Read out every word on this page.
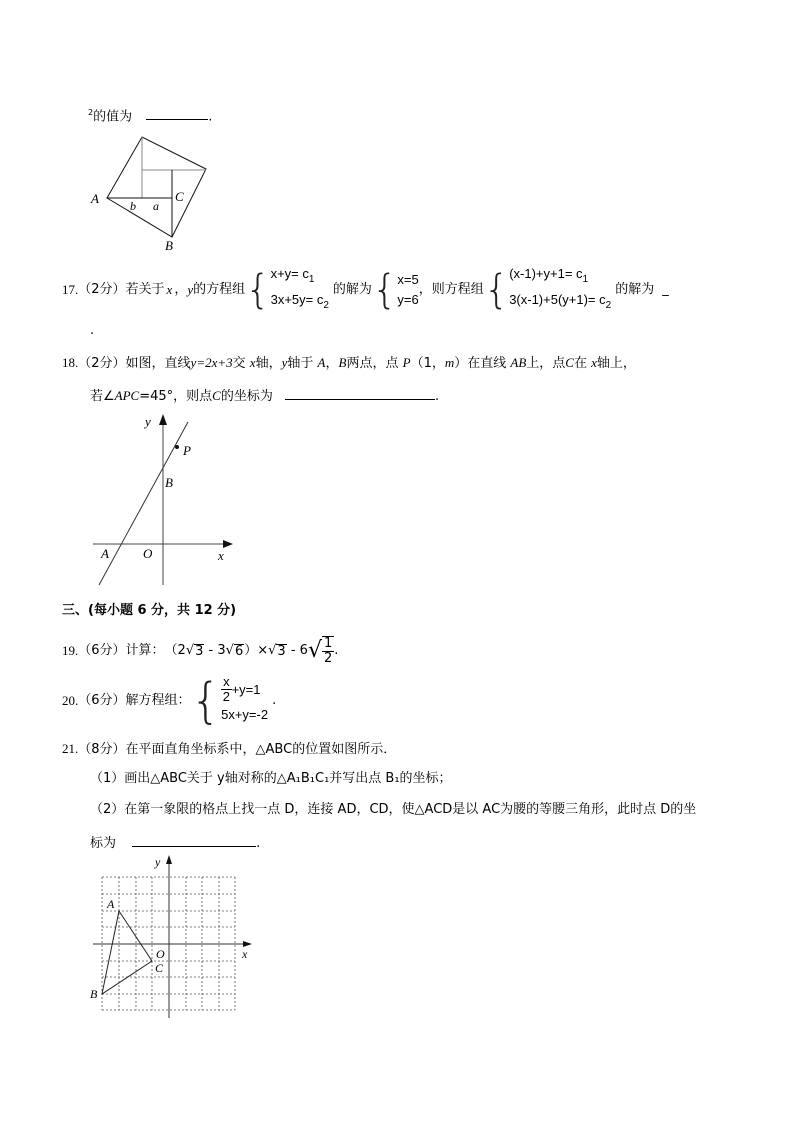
$^2$的值为	.
A	C
B
b a
17. （2分） 若关于 x ， y 的方程组 { $x+y= c_1$
$3x+5y= c_2$
的解为 { x=5
y=6
，则方程组 { $(x-1)+y+1= c_1$
$3(x-1)+5(y+1)= c_2$
的解为 _
.
18.（2分）如图，直线y=2x+3交 x轴，y轴于 A，B两点，点 P（1，m）在直线 AB上，点C在 x轴上，
若∠APC=45°，则点C的坐标为	.
y
P
B
A	O	x
三、(每小题 6 分，共 12 分)
19. （6分） 计算： （2 √ 3 - 3 √ 6 ）× √ 3 - 6 √ $\frac{1}{2}$ .
20. （6分） 解方程组： { $\frac{x}{2} +y=1$
5x+y=-2
.
21.（8分）在平面直角坐标系中，△ABC的位置如图所示．
（1）画出△ABC关于 y轴对称的△A₁B₁C₁并写出点 B₁的坐标；
（2）在第一象限的格点上找一点 D，连接 AD，CD，使△ACD是以 AC为腰的等腰三角形，此时点 D的坐
标为	.
y
x
A
B
C
O
